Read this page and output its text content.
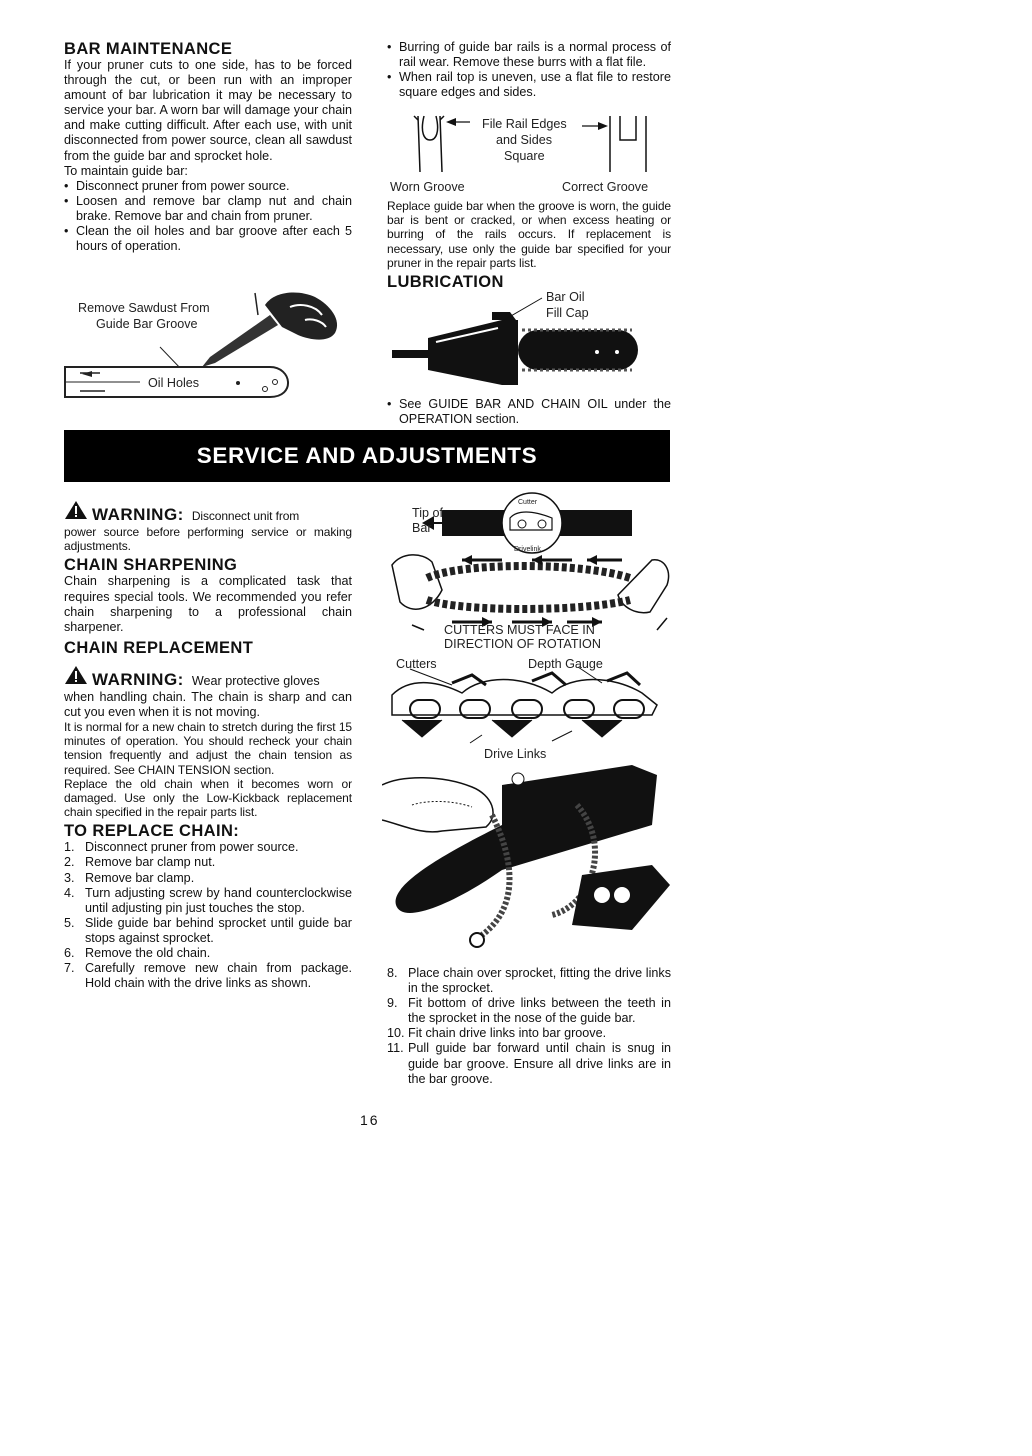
BAR MAINTENANCE
If your pruner cuts to one side, has to be forced through the cut, or been run with an improper amount of bar lubrication it may be necessary to service your bar. A worn bar will damage your chain and make cutting difficult. After each use, with unit disconnected from power source, clean all sawdust from the guide bar and sprocket hole.
To maintain guide bar:
• Disconnect pruner from power source.
• Loosen and remove bar clamp nut and chain brake. Remove bar and chain from pruner.
• Clean the oil holes and bar groove after each 5 hours of operation.
Remove Sawdust From
Guide Bar Groove
Oil Holes
• Burring of guide bar rails is a normal process of rail wear. Remove these burrs with a flat file.
• When rail top is uneven, use a flat file to restore square edges and sides.
File Rail Edges
and Sides
Square
Worn Groove	Correct Groove
Replace guide bar when the groove is worn, the guide bar is bent or cracked, or when excess heating or burring of the rails occurs. If replacement is necessary, use only the guide bar specified for your pruner in the repair parts list.
LUBRICATION
Bar Oil
Fill Cap
• See GUIDE BAR AND CHAIN OIL under the OPERATION section.
SERVICE AND ADJUSTMENTS
WARNING: Disconnect unit from
power source before performing service or making adjustments.
CHAIN SHARPENING
Chain sharpening is a complicated task that requires special tools. We recommended you refer chain sharpening to a professional chain sharpener.
CHAIN REPLACEMENT
WARNING: Wear protective gloves
when handling chain. The chain is sharp and can cut you even when it is not moving.
It is normal for a new chain to stretch during the first 15 minutes of operation. You should recheck your chain tension frequently and adjust the chain tension as required. See CHAIN TENSION section.
Replace the old chain when it becomes worn or damaged. Use only the Low-Kickback replacement chain specified in the repair parts list.
TO REPLACE CHAIN:
1. Disconnect pruner from power source.
2. Remove bar clamp nut.
3. Remove bar clamp.
4. Turn adjusting screw by hand counterclockwise until adjusting pin just touches the stop.
5. Slide guide bar behind sprocket until guide bar stops against sprocket.
6. Remove the old chain.
7. Carefully remove new chain from package. Hold chain with the drive links as shown.
Tip of
Bar
Cutter
Drivelink
CUTTERS MUST FACE IN
DIRECTION OF ROTATION
Cutters	Depth Gauge
Drive Links
8. Place chain over sprocket, fitting the drive links in the sprocket.
9. Fit bottom of drive links between the teeth in the sprocket in the nose of the guide bar.
10. Fit chain drive links into bar groove.
11. Pull guide bar forward until chain is snug in guide bar groove. Ensure all drive links are in the bar groove.
16
